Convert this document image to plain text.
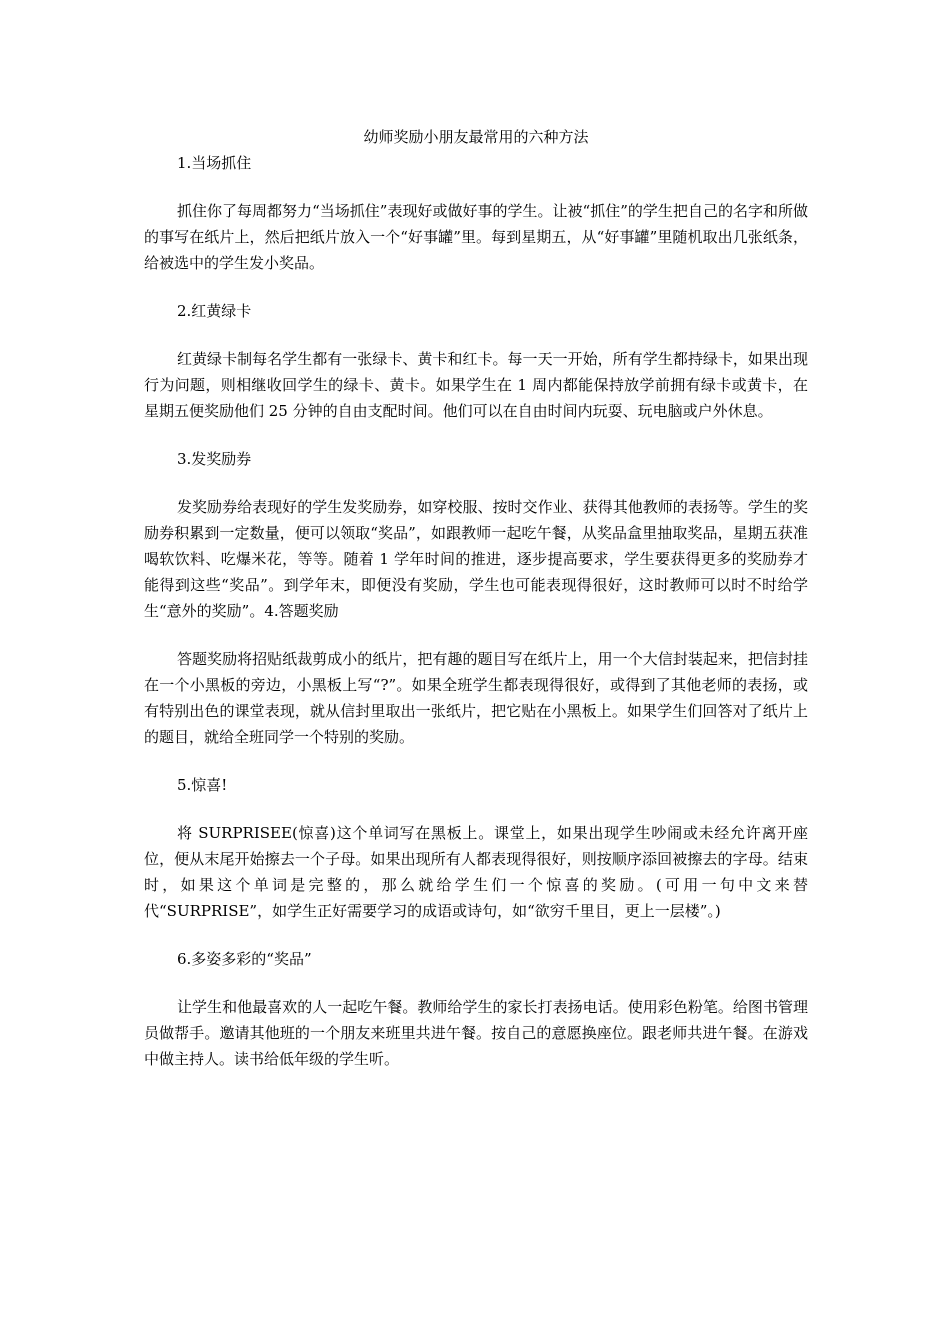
幼师奖励小朋友最常用的六种方法

1.当场抓住

抓住你了每周都努力“当场抓住”表现好或做好事的学生。让被“抓住”的学生把自己的名字和所做的事写在纸片上，然后把纸片放入一个“好事罐”里。每到星期五，从“好事罐”里随机取出几张纸条，给被选中的学生发小奖品。

2.红黄绿卡

红黄绿卡制每名学生都有一张绿卡、黄卡和红卡。每一天一开始，所有学生都持绿卡，如果出现行为问题，则相继收回学生的绿卡、黄卡。如果学生在 1 周内都能保持放学前拥有绿卡或黄卡，在星期五便奖励他们 25 分钟的自由支配时间。他们可以在自由时间内玩耍、玩电脑或户外休息。

3.发奖励券

发奖励券给表现好的学生发奖励券，如穿校服、按时交作业、获得其他教师的表扬等。学生的奖励券积累到一定数量，便可以领取“奖品”，如跟教师一起吃午餐，从奖品盒里抽取奖品，星期五获准喝软饮料、吃爆米花，等等。随着 1 学年时间的推进，逐步提高要求，学生要获得更多的奖励券才能得到这些“奖品”。到学年末，即便没有奖励，学生也可能表现得很好，这时教师可以时不时给学生“意外的奖励”。4.答题奖励

答题奖励将招贴纸裁剪成小的纸片，把有趣的题目写在纸片上，用一个大信封装起来，把信封挂在一个小黑板的旁边，小黑板上写“?”。如果全班学生都表现得很好，或得到了其他老师的表扬，或有特别出色的课堂表现，就从信封里取出一张纸片，把它贴在小黑板上。如果学生们回答对了纸片上的题目，就给全班同学一个特别的奖励。

5.惊喜!

将 SURPRISEE(惊喜)这个单词写在黑板上。课堂上，如果出现学生吵闹或未经允许离开座位，便从末尾开始擦去一个子母。如果出现所有人都表现得很好，则按顺序添回被擦去的字母。结束时，如果这个单词是完整的，那么就给学生们一个惊喜的奖励。(可用一句中文来替代“SURPRISE”，如学生正好需要学习的成语或诗句，如“欲穷千里目，更上一层楼”。)

6.多姿多彩的“奖品”

让学生和他最喜欢的人一起吃午餐。教师给学生的家长打表扬电话。使用彩色粉笔。给图书管理员做帮手。邀请其他班的一个朋友来班里共进午餐。按自己的意愿换座位。跟老师共进午餐。在游戏中做主持人。读书给低年级的学生听。
